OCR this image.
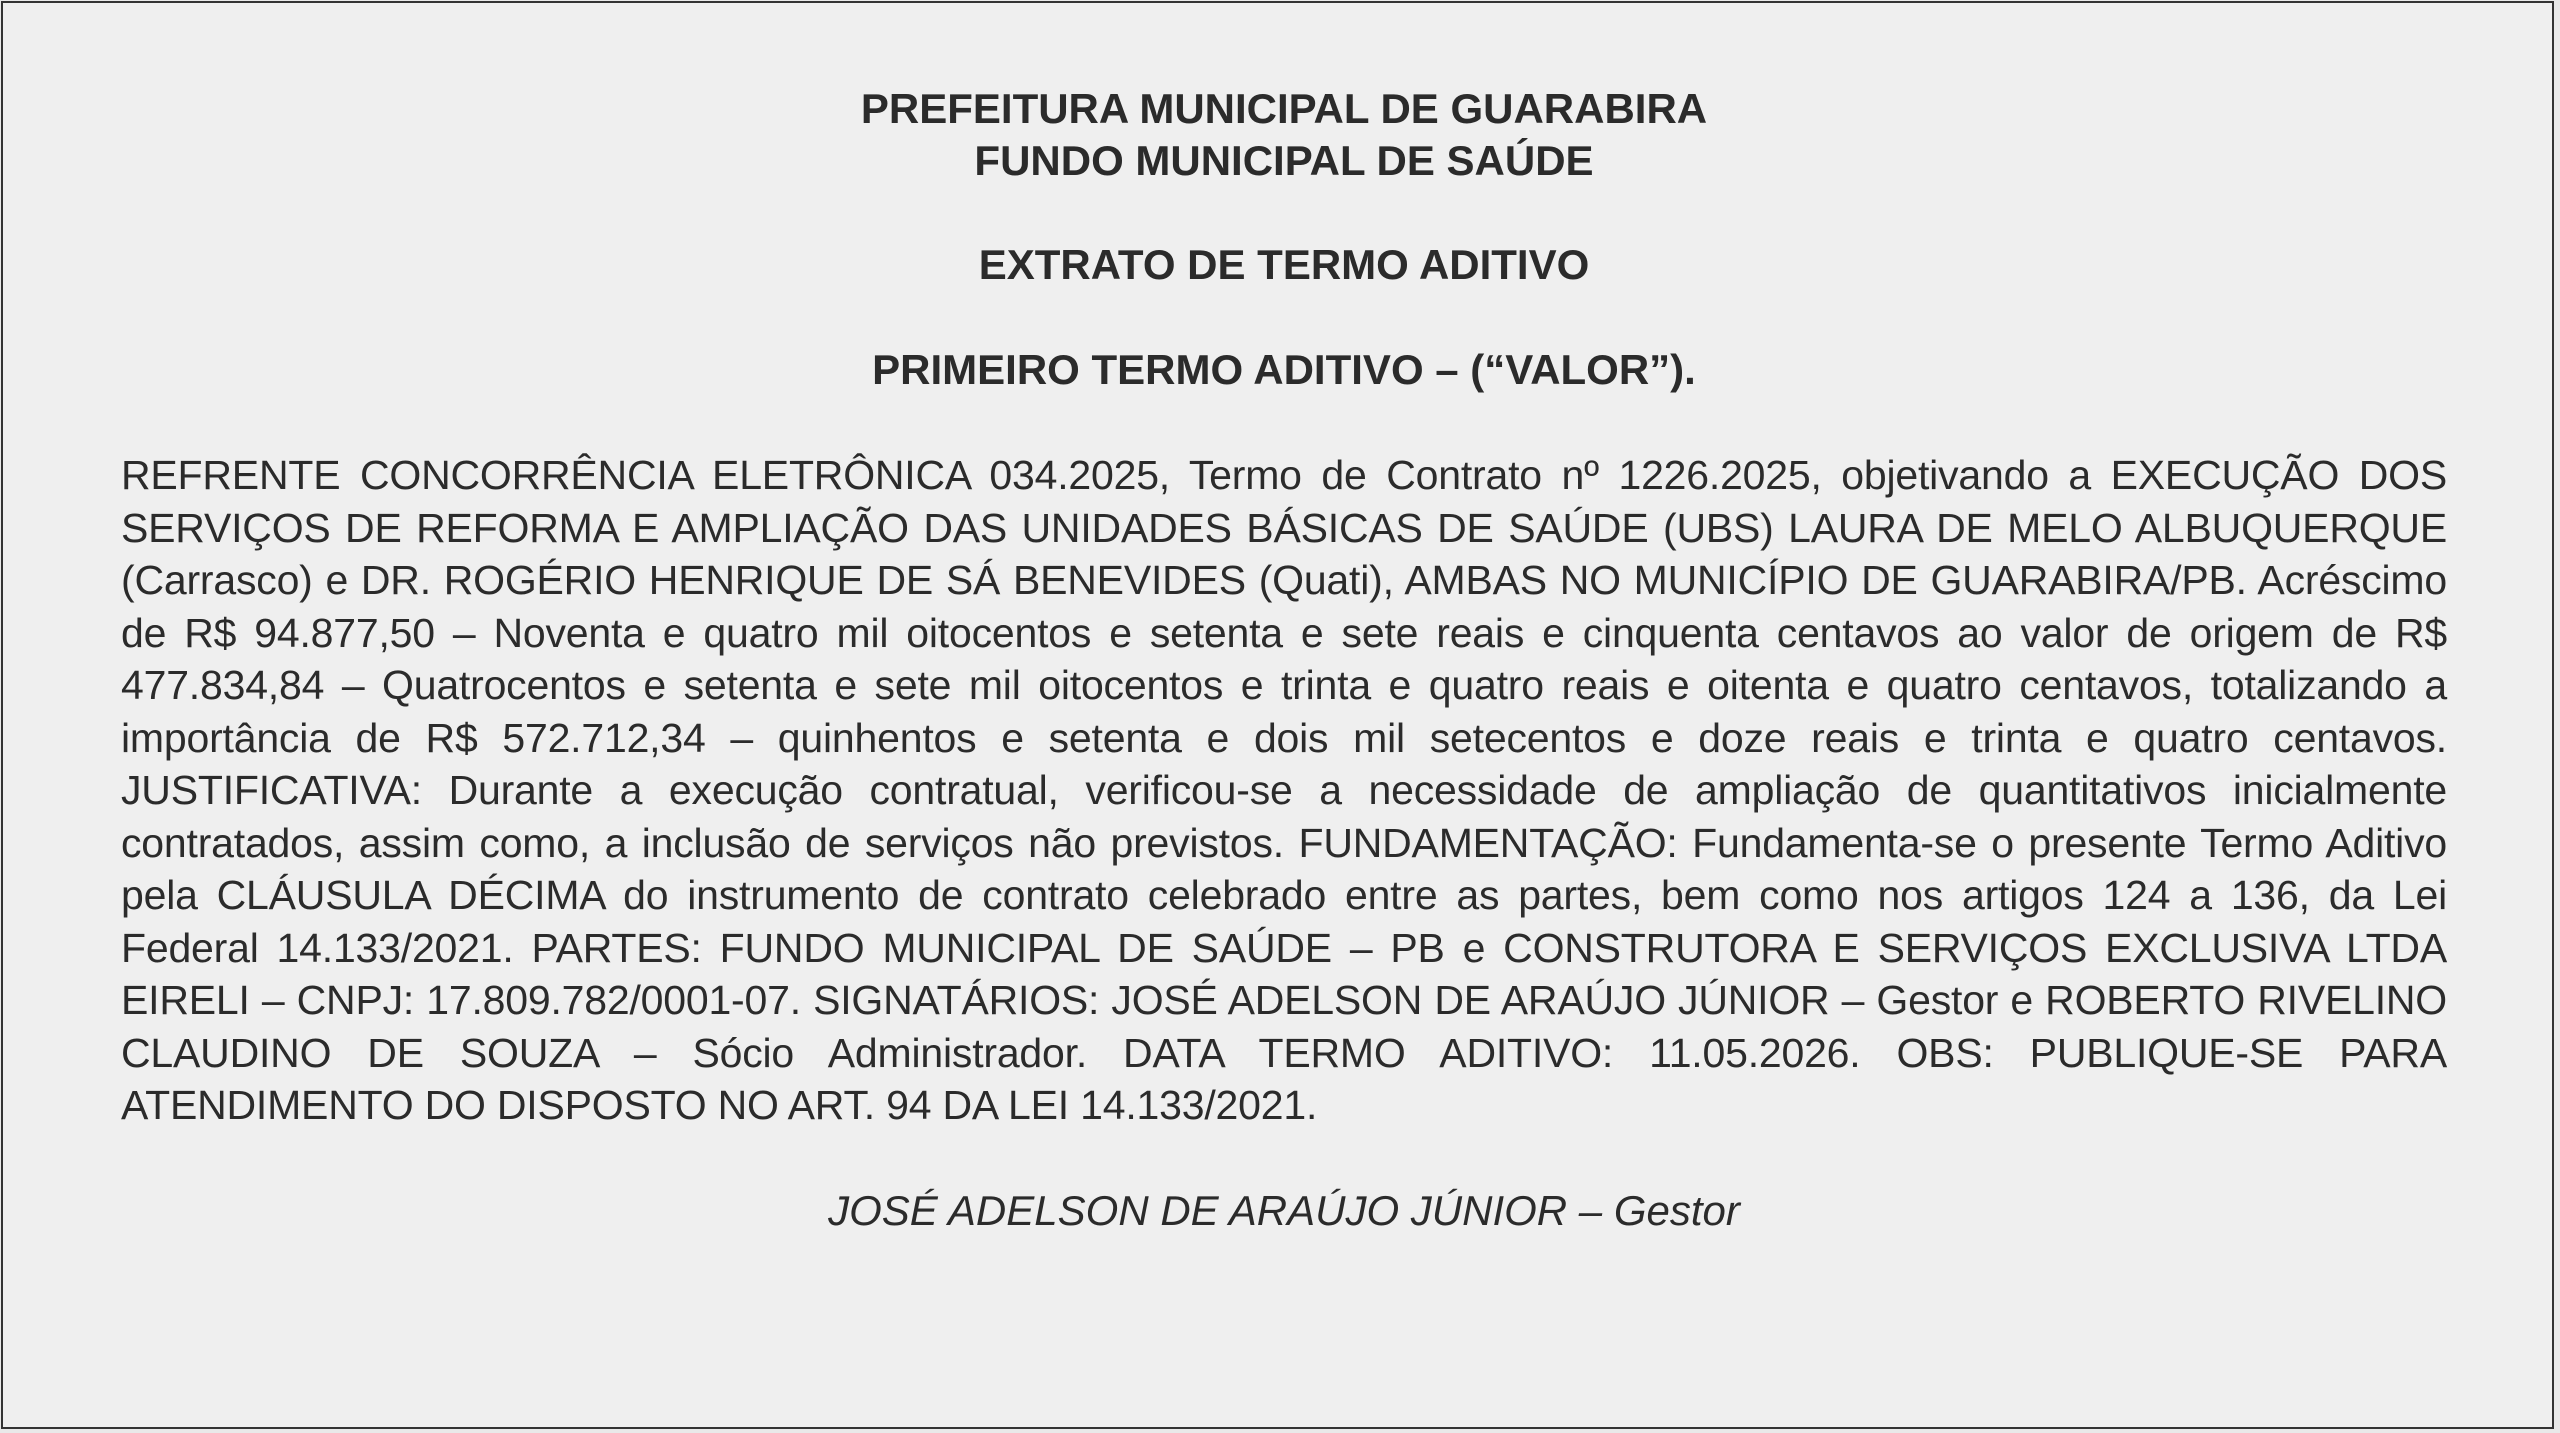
PREFEITURA MUNICIPAL DE GUARABIRA

FUNDO MUNICIPAL DE SAÚDE

EXTRATO DE TERMO ADITIVO

PRIMEIRO TERMO ADITIVO – (“VALOR”).

REFRENTE CONCORRÊNCIA ELETRÔNICA 034.2025, Termo de Contrato nº 1226.2025, objetivando a EXECUÇÃO DOS SERVIÇOS DE REFORMA E AMPLIAÇÃO DAS UNIDADES BÁSICAS DE SAÚDE (UBS) LAURA DE MELO ALBUQUERQUE (Carrasco) e DR. ROGÉRIO HENRIQUE DE SÁ BENEVIDES (Quati), AMBAS NO MUNICÍPIO DE GUARABIRA/PB. Acréscimo de R$ 94.877,50 – Noventa e quatro mil oitocentos e setenta e sete reais e cinquenta centavos ao valor de origem de R$ 477.834,84 – Quatrocentos e setenta e sete mil oitocentos e trinta e quatro reais e oitenta e quatro centavos, totalizando a importância de R$ 572.712,34 – quinhentos e setenta e dois mil setecentos e doze reais e trinta e quatro centavos. JUSTIFICATIVA: Durante a execução contratual, verificou-se a necessidade de ampliação de quantitativos inicialmente contratados, assim como, a inclusão de serviços não previstos. FUNDAMENTAÇÃO: Fundamenta-se o presente Termo Aditivo pela CLÁUSULA DÉCIMA do instrumento de contrato celebrado entre as partes, bem como nos artigos 124 a 136, da Lei Federal 14.133/2021. PARTES: FUNDO MUNICIPAL DE SAÚDE – PB e CONSTRUTORA E SERVIÇOS EXCLUSIVA LTDA EIRELI – CNPJ: 17.809.782/0001-07. SIGNATÁRIOS: JOSÉ ADELSON DE ARAÚJO JÚNIOR – Gestor e ROBERTO RIVELINO CLAUDINO DE SOUZA – Sócio Administrador. DATA TERMO ADITIVO: 11.05.2026. OBS: PUBLIQUE-SE PARA ATENDIMENTO DO DISPOSTO NO ART. 94 DA LEI 14.133/2021.

JOSÉ ADELSON DE ARAÚJO JÚNIOR – Gestor
